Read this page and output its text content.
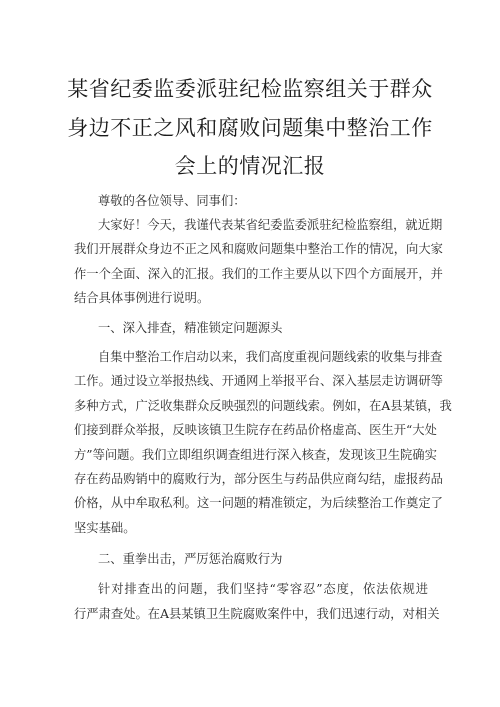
某省纪委监委派驻纪检监察组关于群众
身边不正之风和腐败问题集中整治工作
会上的情况汇报
尊敬的各位领导、同事们：
大家好！今天，我谨代表某省纪委监委派驻纪检监察组，就近期
我们开展群众身边不正之风和腐败问题集中整治工作的情况，向大家
作一个全面、深入的汇报。我们的工作主要从以下四个方面展开，并
结合具体事例进行说明。
一、深入排查，精准锁定问题源头
自集中整治工作启动以来，我们高度重视问题线索的收集与排查
工作。通过设立举报热线、开通网上举报平台、深入基层走访调研等
多种方式，广泛收集群众反映强烈的问题线索。例如，在A县某镇，我
们接到群众举报，反映该镇卫生院存在药品价格虚高、医生开“大处
方”等问题。我们立即组织调查组进行深入核查，发现该卫生院确实
存在药品购销中的腐败行为，部分医生与药品供应商勾结，虚报药品
价格，从中牟取私利。这一问题的精准锁定，为后续整治工作奠定了
坚实基础。
二、重拳出击，严厉惩治腐败行为
针对排查出的问题，我们坚持“零容忍”态度，依法依规进
行严肃查处。在A县某镇卫生院腐败案件中，我们迅速行动，对相关
